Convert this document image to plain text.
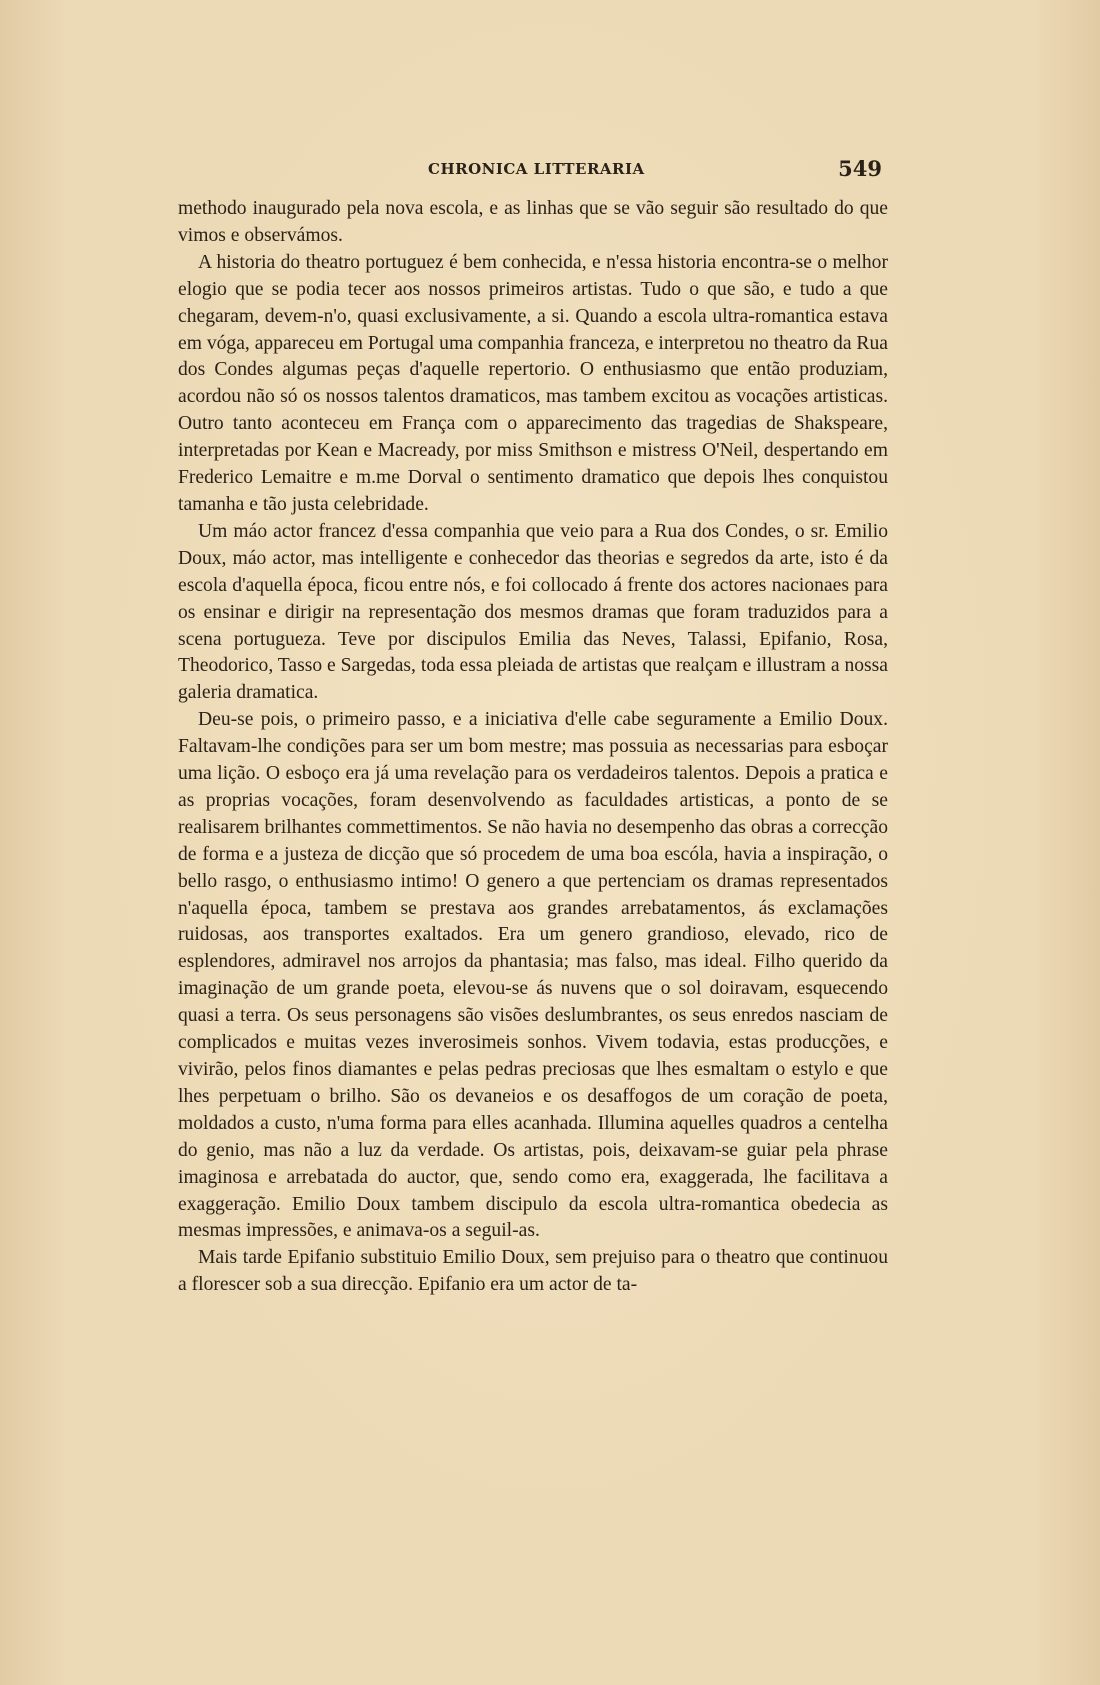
CHRONICA LITTERARIA	549

methodo inaugurado pela nova escola, e as linhas que se vão seguir são resultado do que vimos e observámos.

A historia do theatro portuguez é bem conhecida, e n'essa historia encontra-se o melhor elogio que se podia tecer aos nossos primeiros artistas. Tudo o que são, e tudo a que chegaram, devem-n'o, quasi exclusivamente, a si. Quando a escola ultra-romantica estava em vóga, appareceu em Portugal uma companhia franceza, e interpretou no theatro da Rua dos Condes algumas peças d'aquelle repertorio. O enthusiasmo que então produziam, acordou não só os nossos talentos dramaticos, mas tambem excitou as vocações artisticas. Outro tanto aconteceu em França com o apparecimento das tragedias de Shakspeare, interpretadas por Kean e Macready, por miss Smithson e mistress O'Neil, despertando em Frederico Lemaitre e m.me Dorval o sentimento dramatico que depois lhes conquistou tamanha e tão justa celebridade.

Um máo actor francez d'essa companhia que veio para a Rua dos Condes, o sr. Emilio Doux, máo actor, mas intelligente e conhecedor das theorias e segredos da arte, isto é da escola d'aquella época, ficou entre nós, e foi collocado á frente dos actores nacionaes para os ensinar e dirigir na representação dos mesmos dramas que foram traduzidos para a scena portugueza. Teve por discipulos Emilia das Neves, Talassi, Epifanio, Rosa, Theodorico, Tasso e Sargedas, toda essa pleiada de artistas que realçam e illustram a nossa galeria dramatica.

Deu-se pois, o primeiro passo, e a iniciativa d'elle cabe seguramente a Emilio Doux. Faltavam-lhe condições para ser um bom mestre; mas possuia as necessarias para esboçar uma lição. O esboço era já uma revelação para os verdadeiros talentos. Depois a pratica e as proprias vocações, foram desenvolvendo as faculdades artisticas, a ponto de se realisarem brilhantes commettimentos. Se não havia no desempenho das obras a correcção de forma e a justeza de dicção que só procedem de uma boa escóla, havia a inspiração, o bello rasgo, o enthusiasmo intimo! O genero a que pertenciam os dramas representados n'aquella época, tambem se prestava aos grandes arrebatamentos, ás exclamações ruidosas, aos transportes exaltados. Era um genero grandioso, elevado, rico de esplendores, admiravel nos arrojos da phantasia; mas falso, mas ideal. Filho querido da imaginação de um grande poeta, elevou-se ás nuvens que o sol doiravam, esquecendo quasi a terra. Os seus personagens são visões deslumbrantes, os seus enredos nasciam de complicados e muitas vezes inverosimeis sonhos. Vivem todavia, estas producções, e vivirão, pelos finos diamantes e pelas pedras preciosas que lhes esmaltam o estylo e que lhes perpetuam o brilho. São os devaneios e os desaffogos de um coração de poeta, moldados a custo, n'uma forma para elles acanhada. Illumina aquelles quadros a centelha do genio, mas não a luz da verdade. Os artistas, pois, deixavam-se guiar pela phrase imaginosa e arrebatada do auctor, que, sendo como era, exaggerada, lhe facilitava a exaggeração. Emilio Doux tambem discipulo da escola ultra-romantica obedecia as mesmas impressões, e animava-os a seguil-as.

Mais tarde Epifanio substituio Emilio Doux, sem prejuiso para o theatro que continuou a florescer sob a sua direcção. Epifanio era um actor de ta-
